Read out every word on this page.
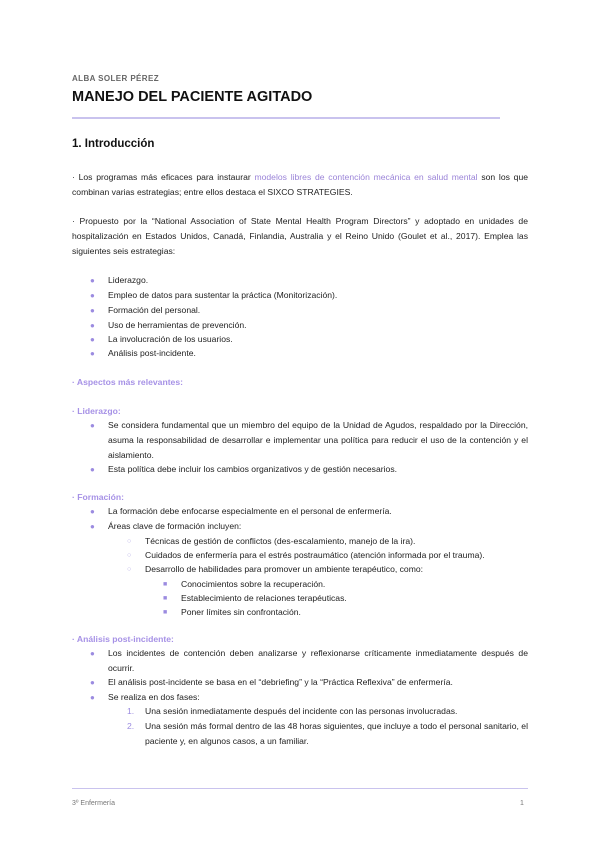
ALBA SOLER PÉREZ
MANEJO DEL PACIENTE AGITADO
1. Introducción
· Los programas más eficaces para instaurar modelos libres de contención mecánica en salud mental son los que combinan varias estrategias; entre ellos destaca el SIXCO STRATEGIES.
· Propuesto por la “National Association of State Mental Health Program Directors” y adoptado en unidades de hospitalización en Estados Unidos, Canadá, Finlandia, Australia y el Reino Unido (Goulet et al., 2017). Emplea las siguientes seis estrategias:
● Liderazgo.
● Empleo de datos para sustentar la práctica (Monitorización).
● Formación del personal.
● Uso de herramientas de prevención.
● La involucración de los usuarios.
● Análisis post-incidente.
· Aspectos más relevantes:
· Liderazgo:
● Se considera fundamental que un miembro del equipo de la Unidad de Agudos, respaldado por la Dirección, asuma la responsabilidad de desarrollar e implementar una política para reducir el uso de la contención y el aislamiento.
● Esta política debe incluir los cambios organizativos y de gestión necesarios.
· Formación:
● La formación debe enfocarse especialmente en el personal de enfermería.
● Áreas clave de formación incluyen:
○ Técnicas de gestión de conflictos (des-escalamiento, manejo de la ira).
○ Cuidados de enfermería para el estrés postraumático (atención informada por el trauma).
○ Desarrollo de habilidades para promover un ambiente terapéutico, como:
■ Conocimientos sobre la recuperación.
■ Establecimiento de relaciones terapéuticas.
■ Poner límites sin confrontación.
· Análisis post-incidente:
● Los incidentes de contención deben analizarse y reflexionarse críticamente inmediatamente después de ocurrir.
● El análisis post-incidente se basa en el “debriefing” y la “Práctica Reflexiva” de enfermería.
● Se realiza en dos fases:
1. Una sesión inmediatamente después del incidente con las personas involucradas.
2. Una sesión más formal dentro de las 48 horas siguientes, que incluye a todo el personal sanitario, el paciente y, en algunos casos, a un familiar.
3º Enfermería	1
